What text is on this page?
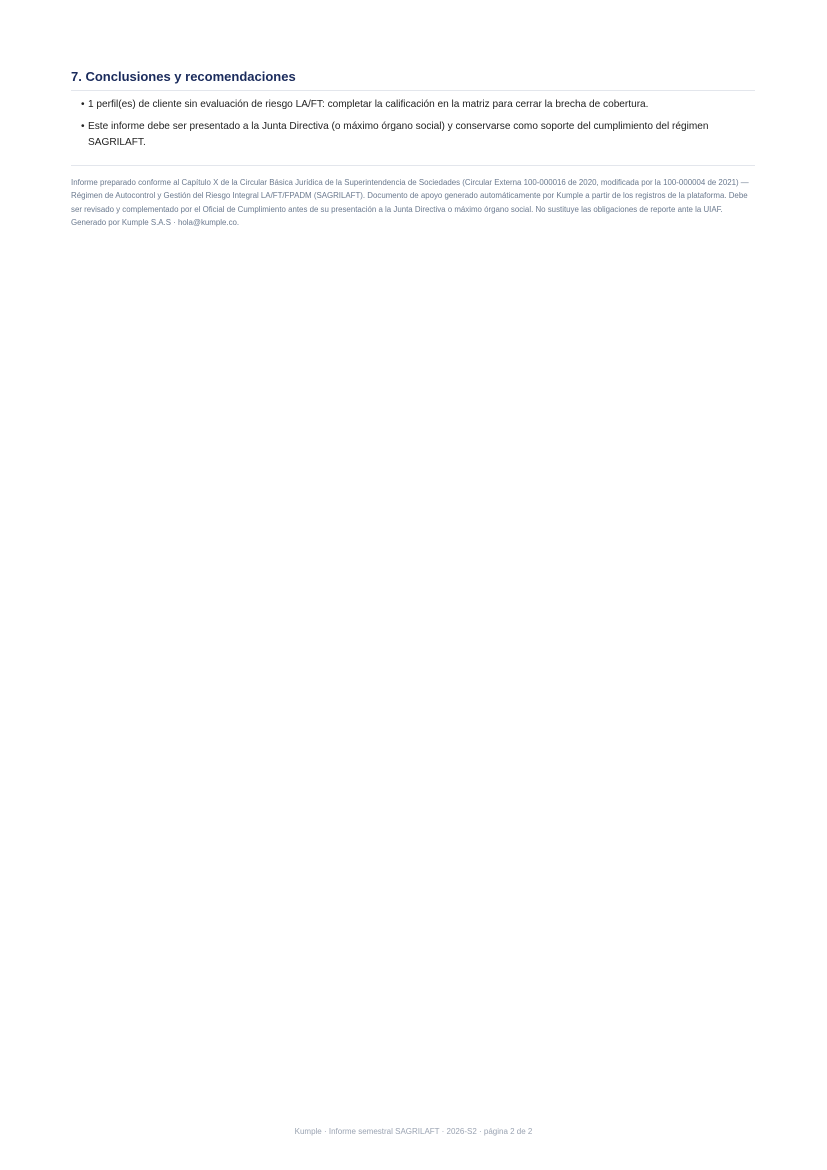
7. Conclusiones y recomendaciones
• 1 perfil(es) de cliente sin evaluación de riesgo LA/FT: completar la calificación en la matriz para cerrar la brecha de cobertura.
• Este informe debe ser presentado a la Junta Directiva (o máximo órgano social) y conservarse como soporte del cumplimiento del régimen SAGRILAFT.

Informe preparado conforme al Capítulo X de la Circular Básica Jurídica de la Superintendencia de Sociedades (Circular Externa 100-000016 de 2020, modificada por la 100-000004 de 2021) — Régimen de Autocontrol y Gestión del Riesgo Integral LA/FT/FPADM (SAGRILAFT). Documento de apoyo generado automáticamente por Kumple a partir de los registros de la plataforma. Debe ser revisado y complementado por el Oficial de Cumplimiento antes de su presentación a la Junta Directiva o máximo órgano social. No sustituye las obligaciones de reporte ante la UIAF. Generado por Kumple S.A.S · hola@kumple.co.

Kumple · Informe semestral SAGRILAFT · 2026-S2 · página 2 de 2
